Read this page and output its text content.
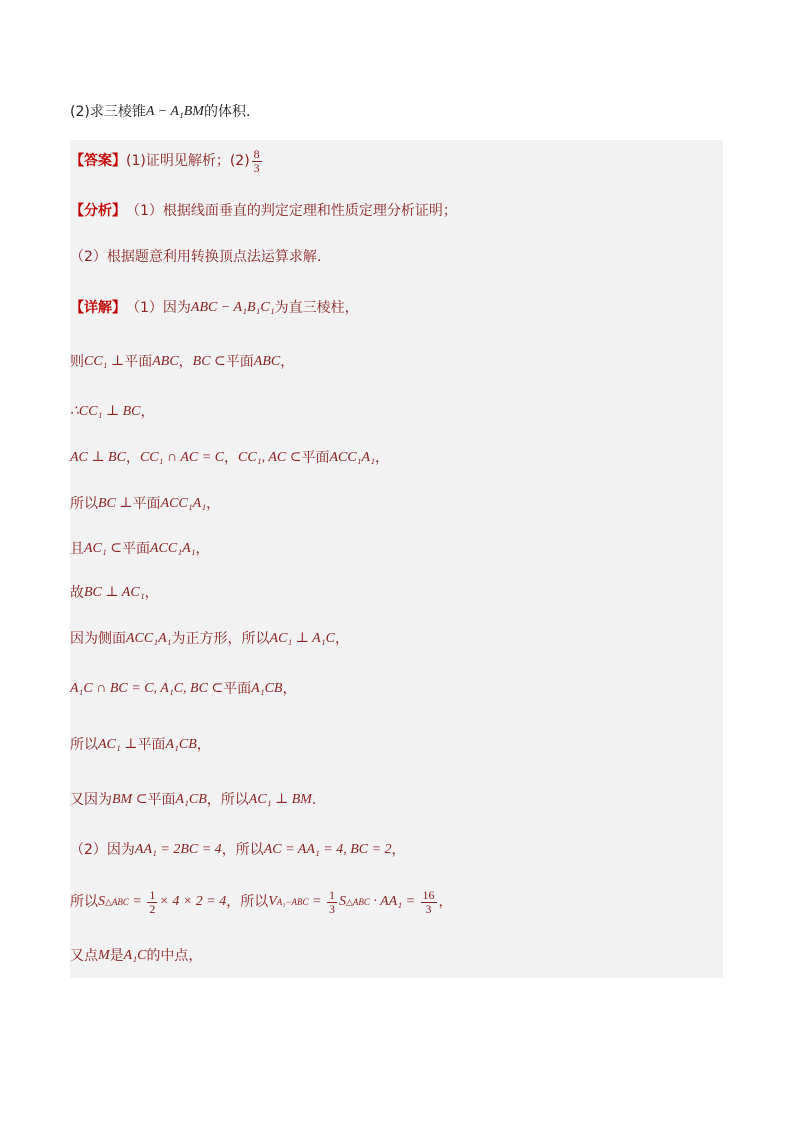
(2)求三棱锥 A − A₁BM 的体积.
【答案】 (1)证明见解析；$(2) \frac{8}{3}$
【分析】 （1）根据线面垂直的判定定理和性质定理分析证明；
（2）根据题意利用转换顶点法运算求解.
【详解】 （1）因为 ABC − A₁B₁C₁ 为直三棱柱，
则 CC₁ ⊥ 平面 ABC ， BC ⊂ 平面 ABC ，
∴CC₁ ⊥ BC ，
AC ⊥ BC ， CC₁ ∩ AC = C ， CC₁, AC ⊂ 平面 ACC₁A₁ ，
所以 BC ⊥ 平面 ACC₁A₁ ，
且 AC₁ ⊂ 平面 ACC₁A₁ ，
故 BC ⊥ AC₁ ，
因为侧面 ACC₁A₁ 为正方形，所以 AC₁ ⊥ A₁C ，
A₁C ∩ BC = C, A₁C, BC ⊂ 平面 A₁CB ，
所以 AC₁ ⊥ 平面 A₁CB ，
又因为 BM ⊂ 平面 A₁CB ，所以 AC₁ ⊥ BM .
（2）因为 AA₁ = 2BC = 4 ，所以 AC = AA₁ = 4, BC = 2 ，
所以 S △ABC = $\frac{1}{2} \times 4 \times 2 = 4$ ，所以 V $A_1-ABC = \frac{1}{3}$ S △ABC · $AA_1 = \frac{16}{3}$ ，
又点 M 是 A₁C 的中点，
